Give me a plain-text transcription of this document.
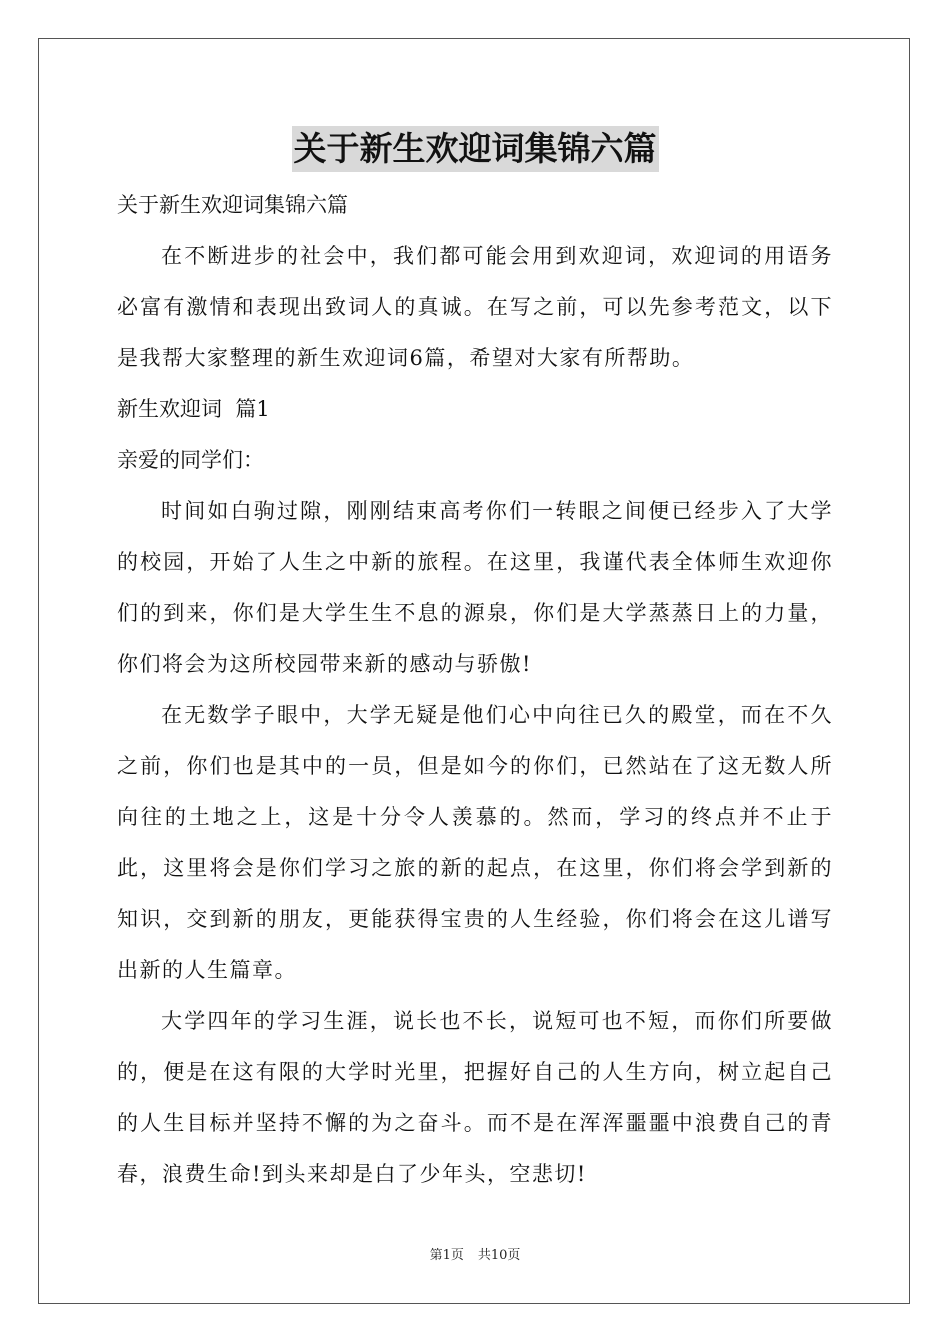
关于新生欢迎词集锦六篇

关于新生欢迎词集锦六篇

在不断进步的社会中，我们都可能会用到欢迎词，欢迎词的用语务必富有激情和表现出致词人的真诚。在写之前，可以先参考范文，以下是我帮大家整理的新生欢迎词6篇，希望对大家有所帮助。

新生欢迎词  篇1

亲爱的同学们：

时间如白驹过隙，刚刚结束高考你们一转眼之间便已经步入了大学的校园，开始了人生之中新的旅程。在这里，我谨代表全体师生欢迎你们的到来，你们是大学生生不息的源泉，你们是大学蒸蒸日上的力量，你们将会为这所校园带来新的感动与骄傲!

在无数学子眼中，大学无疑是他们心中向往已久的殿堂，而在不久之前，你们也是其中的一员，但是如今的你们，已然站在了这无数人所向往的土地之上，这是十分令人羡慕的。然而，学习的终点并不止于此，这里将会是你们学习之旅的新的起点，在这里，你们将会学到新的知识，交到新的朋友，更能获得宝贵的人生经验，你们将会在这儿谱写出新的人生篇章。

大学四年的学习生涯，说长也不长，说短可也不短，而你们所要做的，便是在这有限的大学时光里，把握好自己的人生方向，树立起自己的人生目标并坚持不懈的为之奋斗。而不是在浑浑噩噩中浪费自己的青春，浪费生命!到头来却是白了少年头，空悲切!

第1页 共10页
